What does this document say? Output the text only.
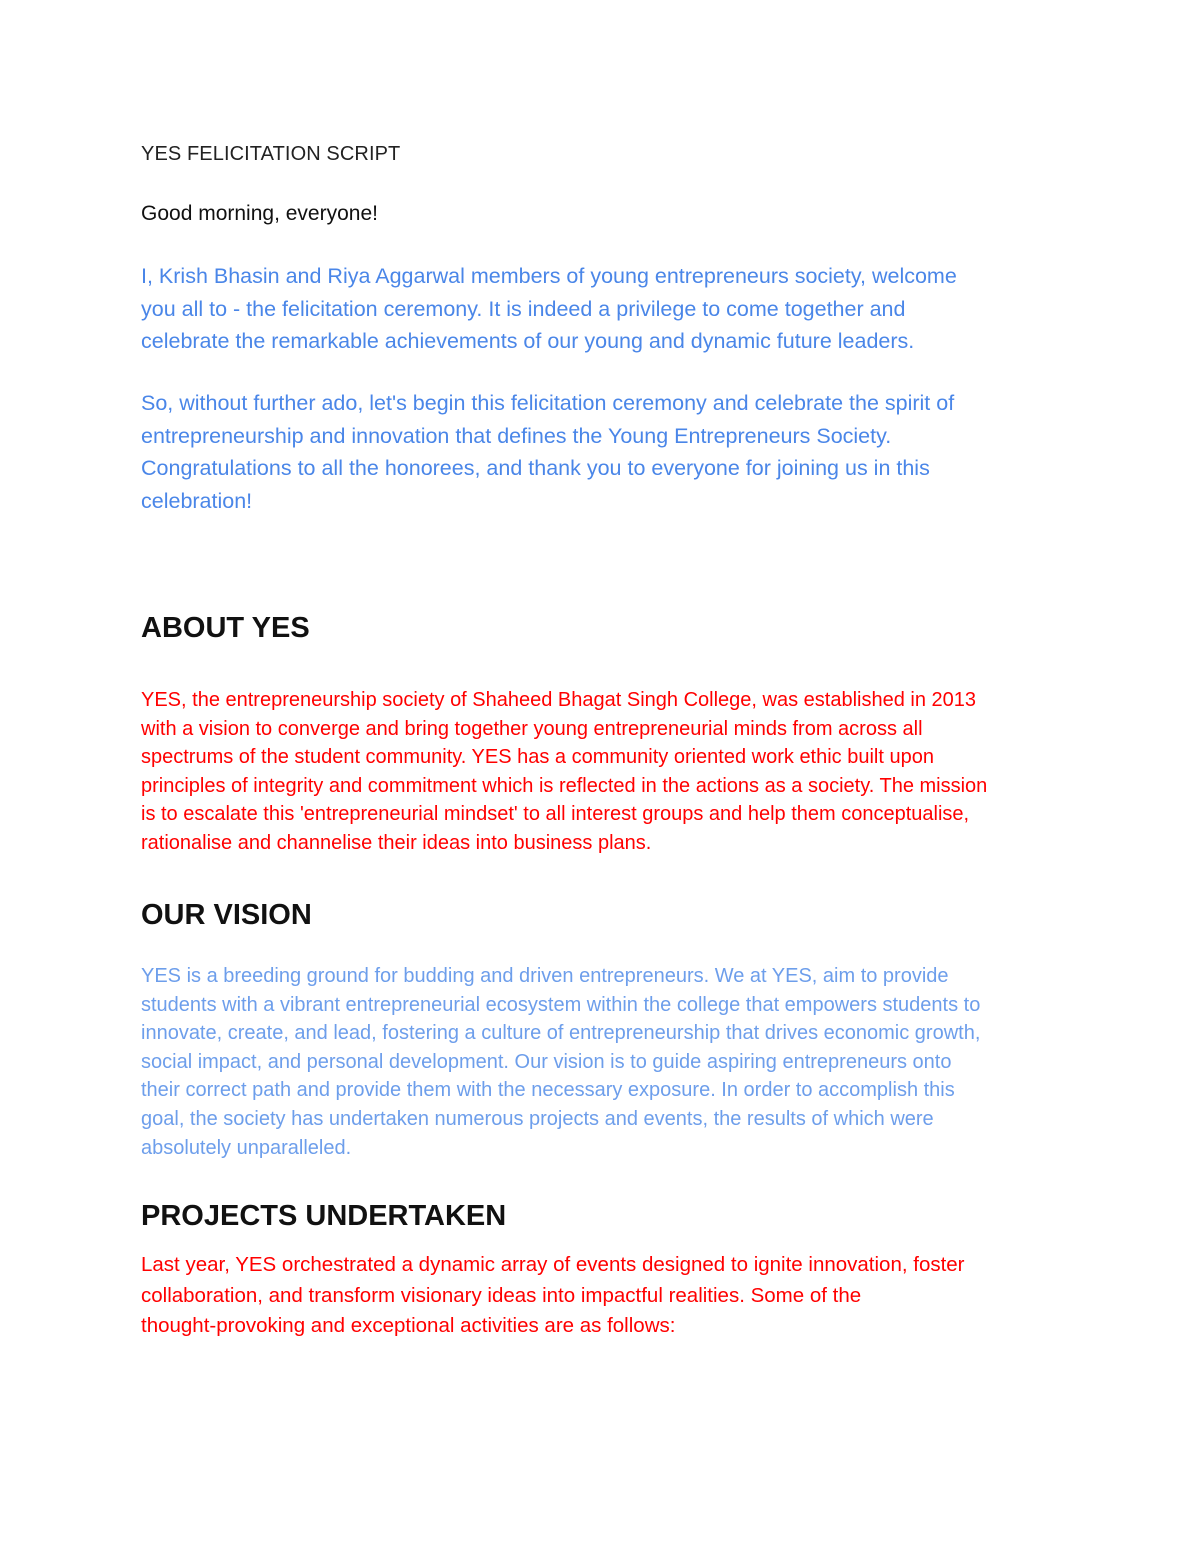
YES FELICITATION SCRIPT

Good morning, everyone!

I, Krish Bhasin and Riya Aggarwal members of young entrepreneurs society, welcome
you all to - the felicitation ceremony. It is indeed a privilege to come together and
celebrate the remarkable achievements of our young and dynamic future leaders.

So, without further ado, let's begin this felicitation ceremony and celebrate the spirit of
entrepreneurship and innovation that defines the Young Entrepreneurs Society.
Congratulations to all the honorees, and thank you to everyone for joining us in this
celebration!

ABOUT YES

YES, the entrepreneurship society of Shaheed Bhagat Singh College, was established in 2013
with a vision to converge and bring together young entrepreneurial minds from across all
spectrums of the student community. YES has a community oriented work ethic built upon
principles of integrity and commitment which is reflected in the actions as a society. The mission
is to escalate this 'entrepreneurial mindset' to all interest groups and help them conceptualise,
rationalise and channelise their ideas into business plans.

OUR VISION

YES is a breeding ground for budding and driven entrepreneurs. We at YES, aim to provide
students with a vibrant entrepreneurial ecosystem within the college that empowers students to
innovate, create, and lead, fostering a culture of entrepreneurship that drives economic growth,
social impact, and personal development. Our vision is to guide aspiring entrepreneurs onto
their correct path and provide them with the necessary exposure. In order to accomplish this
goal, the society has undertaken numerous projects and events, the results of which were
absolutely unparalleled.

PROJECTS UNDERTAKEN

Last year, YES orchestrated a dynamic array of events designed to ignite innovation, foster
collaboration, and transform visionary ideas into impactful realities. Some of the
thought-provoking and exceptional activities are as follows:
